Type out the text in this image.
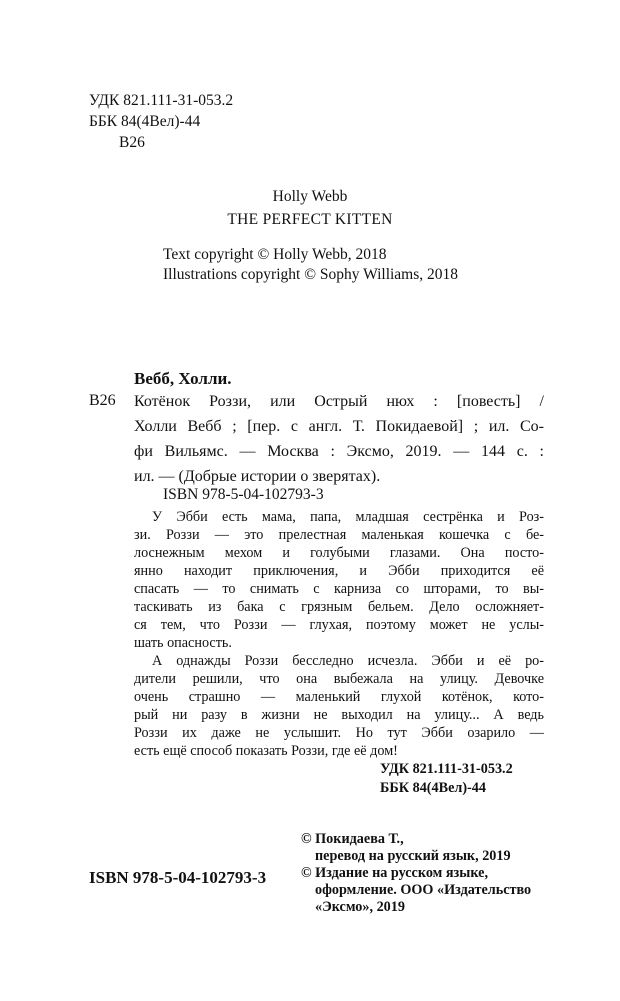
УДК 821.111-31-053.2
ББК 84(4Вел)-44
В26
Holly Webb
THE PERFECT KITTEN
Text copyright © Holly Webb, 2018
Illustrations copyright © Sophy Williams, 2018
Вебб, Холли.
В26 Котёнок Роззи, или Острый нюх : [повесть] /
Холли Вебб ; [пер. с англ. Т. Покидаевой] ; ил. Со-
фи Вильямс. — Москва : Эксмо, 2019. — 144 с. :
ил. — (Добрые истории о зверятах).
ISBN 978-5-04-102793-3
У Эбби есть мама, папа, младшая сестрёнка и Роз-
зи. Роззи — это прелестная маленькая кошечка с бе-
лоснежным мехом и голубыми глазами. Она посто-
янно находит приключения, и Эбби приходится её
спасать — то снимать с карниза со шторами, то вы-
таскивать из бака с грязным бельем. Дело осложняет-
ся тем, что Роззи — глухая, поэтому может не услы-
шать опасность.
А однажды Роззи бесследно исчезла. Эбби и её ро-
дители решили, что она выбежала на улицу. Девочке
очень страшно — маленький глухой котёнок, кото-
рый ни разу в жизни не выходил на улицу... А ведь
Роззи их даже не услышит. Но тут Эбби озарило —
есть ещё способ показать Роззи, где её дом!
УДК 821.111-31-053.2
ББК 84(4Вел)-44
© Покидаева Т.,
перевод на русский язык, 2019
© Издание на русском языке,
оформление. ООО «Издательство
«Эксмо», 2019
ISBN 978-5-04-102793-3
